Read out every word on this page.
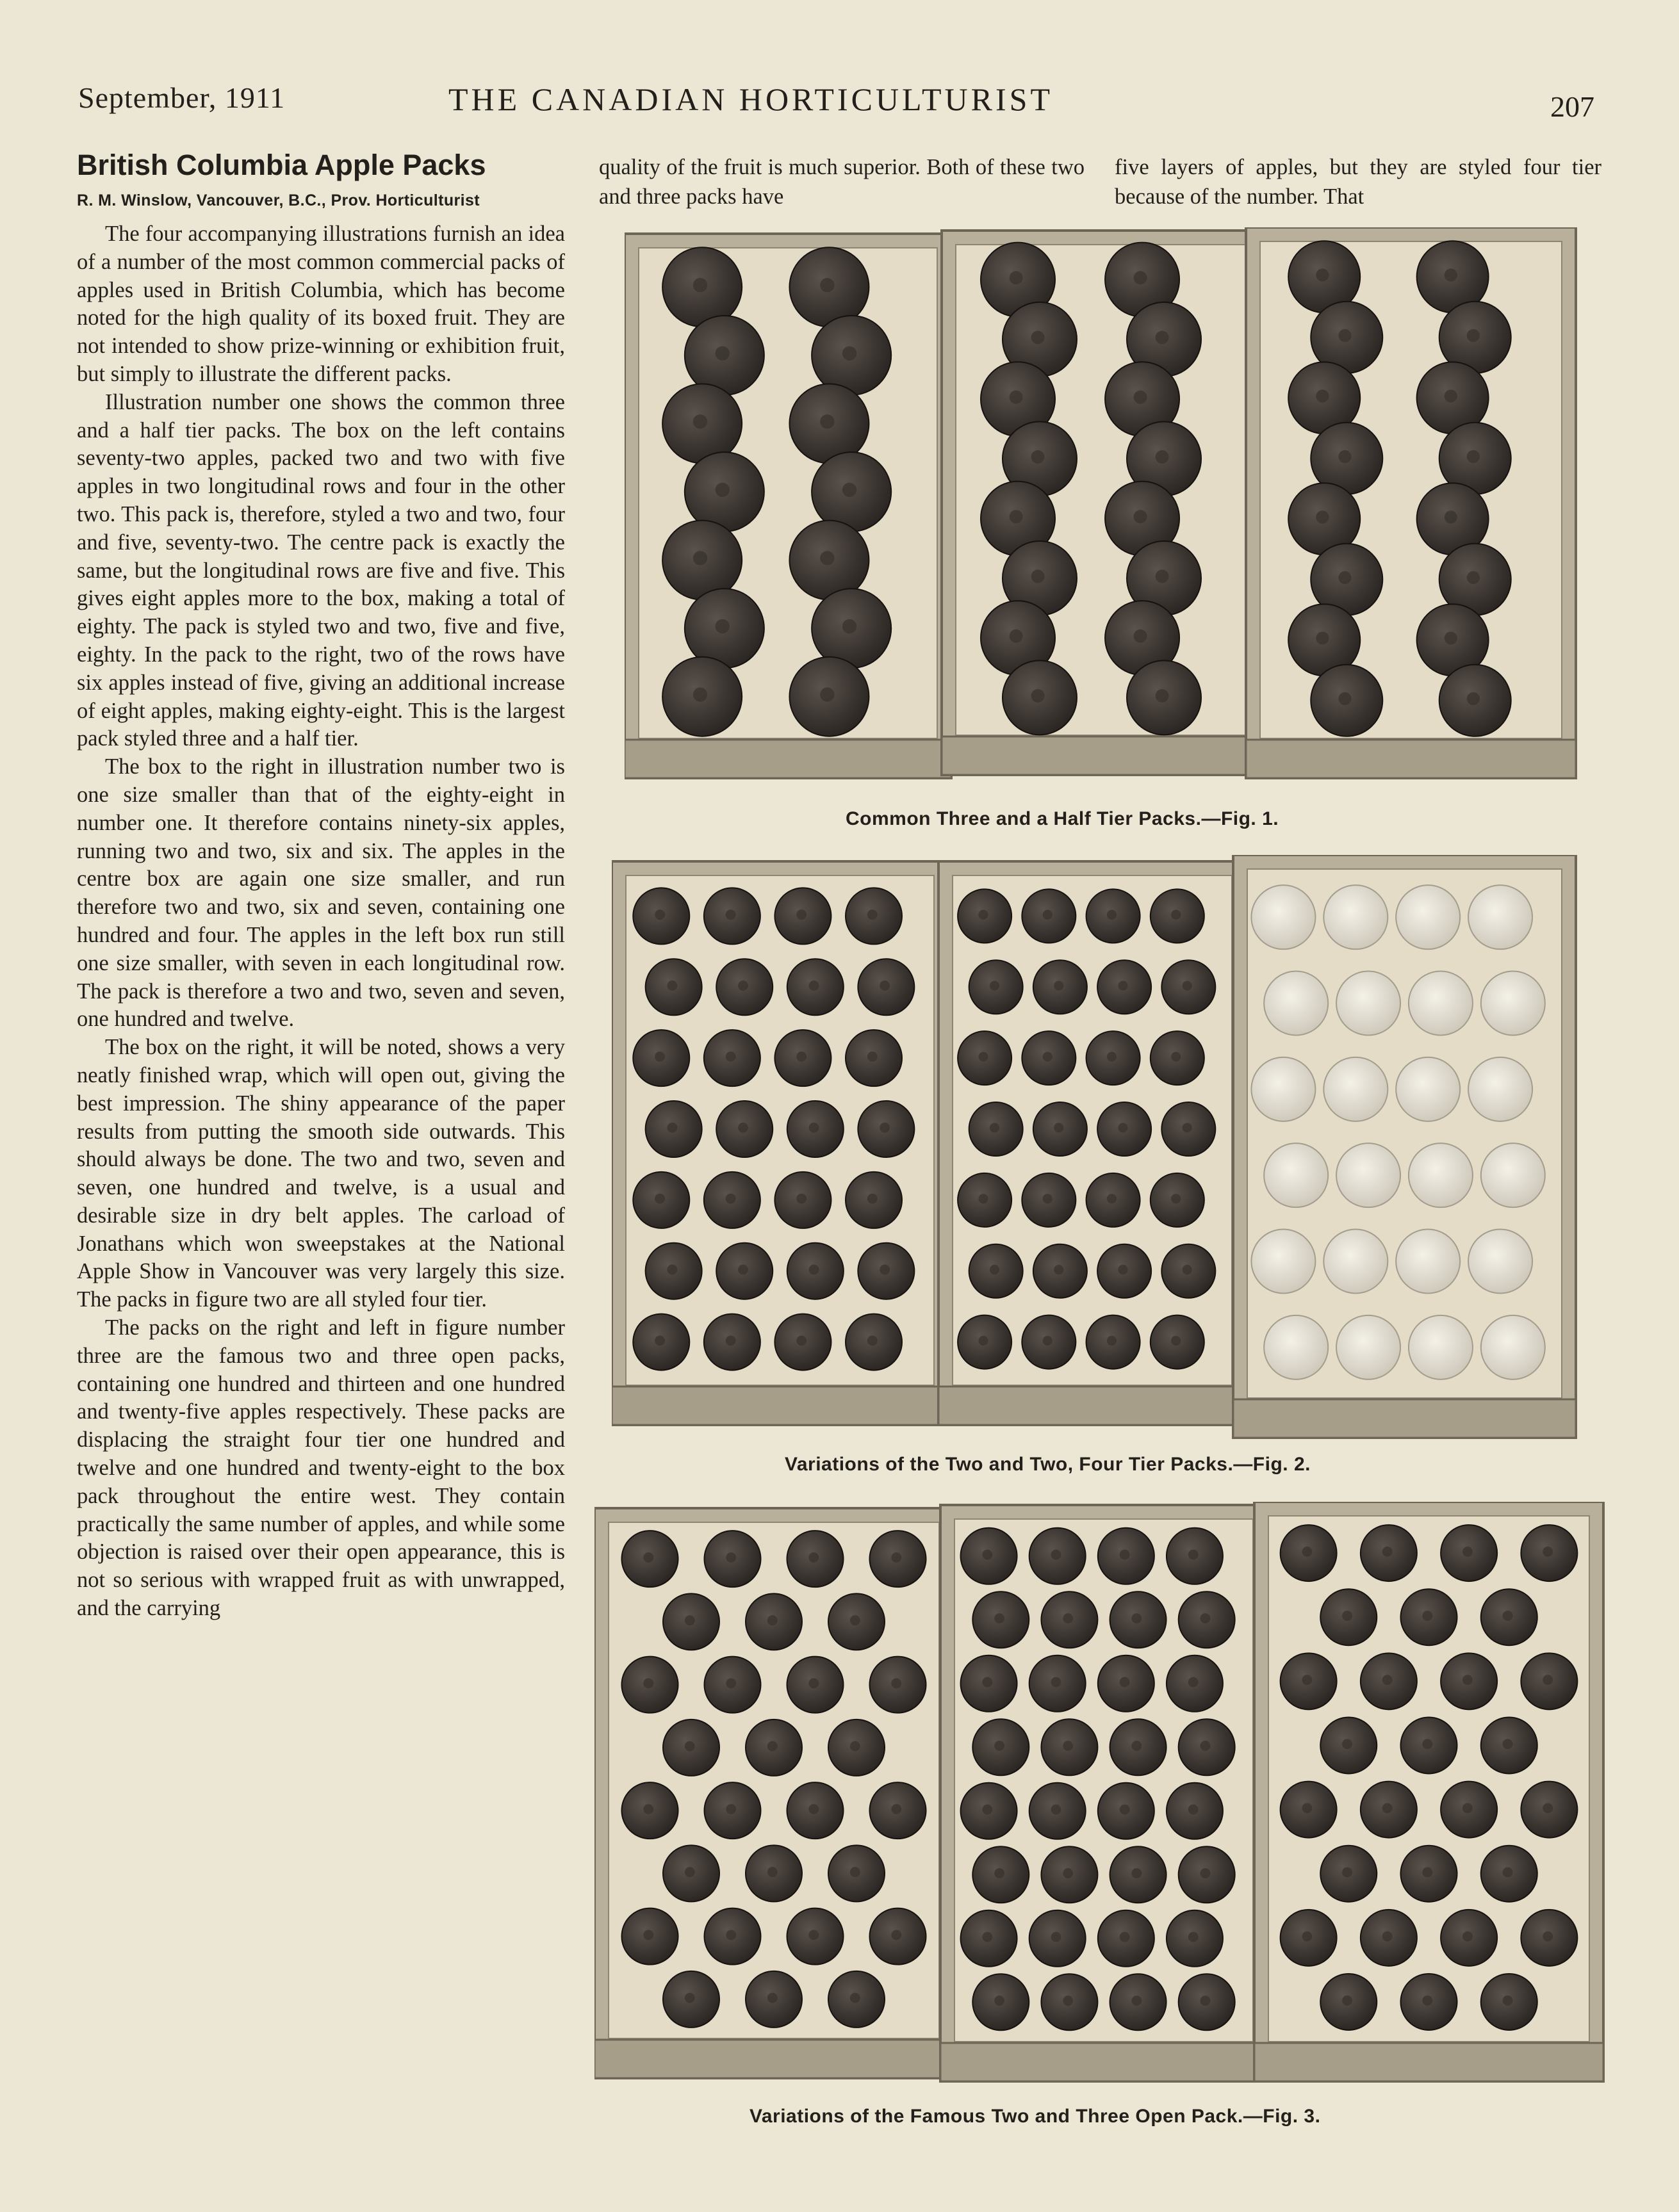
September, 1911	THE CANADIAN HORTICULTURIST	207
British Columbia Apple Packs
R. M. Winslow, Vancouver, B.C., Prov. Horticulturist

The four accompanying illustrations furnish an idea of a number of the most common commercial packs of apples used in British Columbia, which has become noted for the high quality of its boxed fruit. They are not intended to show prize-winning or exhibition fruit, but simply to illustrate the different packs.

Illustration number one shows the common three and a half tier packs. The box on the left contains seventy-two apples, packed two and two with five apples in two longitudinal rows and four in the other two. This pack is, therefore, styled a two and two, four and five, seventy-two. The centre pack is exactly the same, but the longitudinal rows are five and five. This gives eight apples more to the box, making a total of eighty. The pack is styled two and two, five and five, eighty. In the pack to the right, two of the rows have six apples instead of five, giving an additional increase of eight apples, making eighty-eight. This is the largest pack styled three and a half tier.

The box to the right in illustration number two is one size smaller than that of the eighty-eight in number one. It therefore contains ninety-six apples, running two and two, six and six. The apples in the centre box are again one size smaller, and run therefore two and two, six and seven, containing one hundred and four. The apples in the left box run still one size smaller, with seven in each longitudinal row. The pack is therefore a two and two, seven and seven, one hundred and twelve.

The box on the right, it will be noted, shows a very neatly finished wrap, which will open out, giving the best impression. The shiny appearance of the paper results from putting the smooth side outwards. This should always be done. The two and two, seven and seven, one hundred and twelve, is a usual and desirable size in dry belt apples. The carload of Jonathans which won sweepstakes at the National Apple Show in Vancouver was very largely this size. The packs in figure two are all styled four tier.

The packs on the right and left in figure number three are the famous two and three open packs, containing one hundred and thirteen and one hundred and twenty-five apples respectively. These packs are displacing the straight four tier one hundred and twelve and one hundred and twenty-eight to the box pack throughout the entire west. They contain practically the same number of apples, and while some objection is raised over their open appearance, this is not so serious with wrapped fruit as with unwrapped, and the carrying

quality of the fruit is much superior. Both of these two and three packs have
five layers of apples, but they are styled four tier because of the number. That
Common Three and a Half Tier Packs.—Fig. 1.
Variations of the Two and Two, Four Tier Packs.—Fig. 2.
Variations of the Famous Two and Three Open Pack.—Fig. 3.
